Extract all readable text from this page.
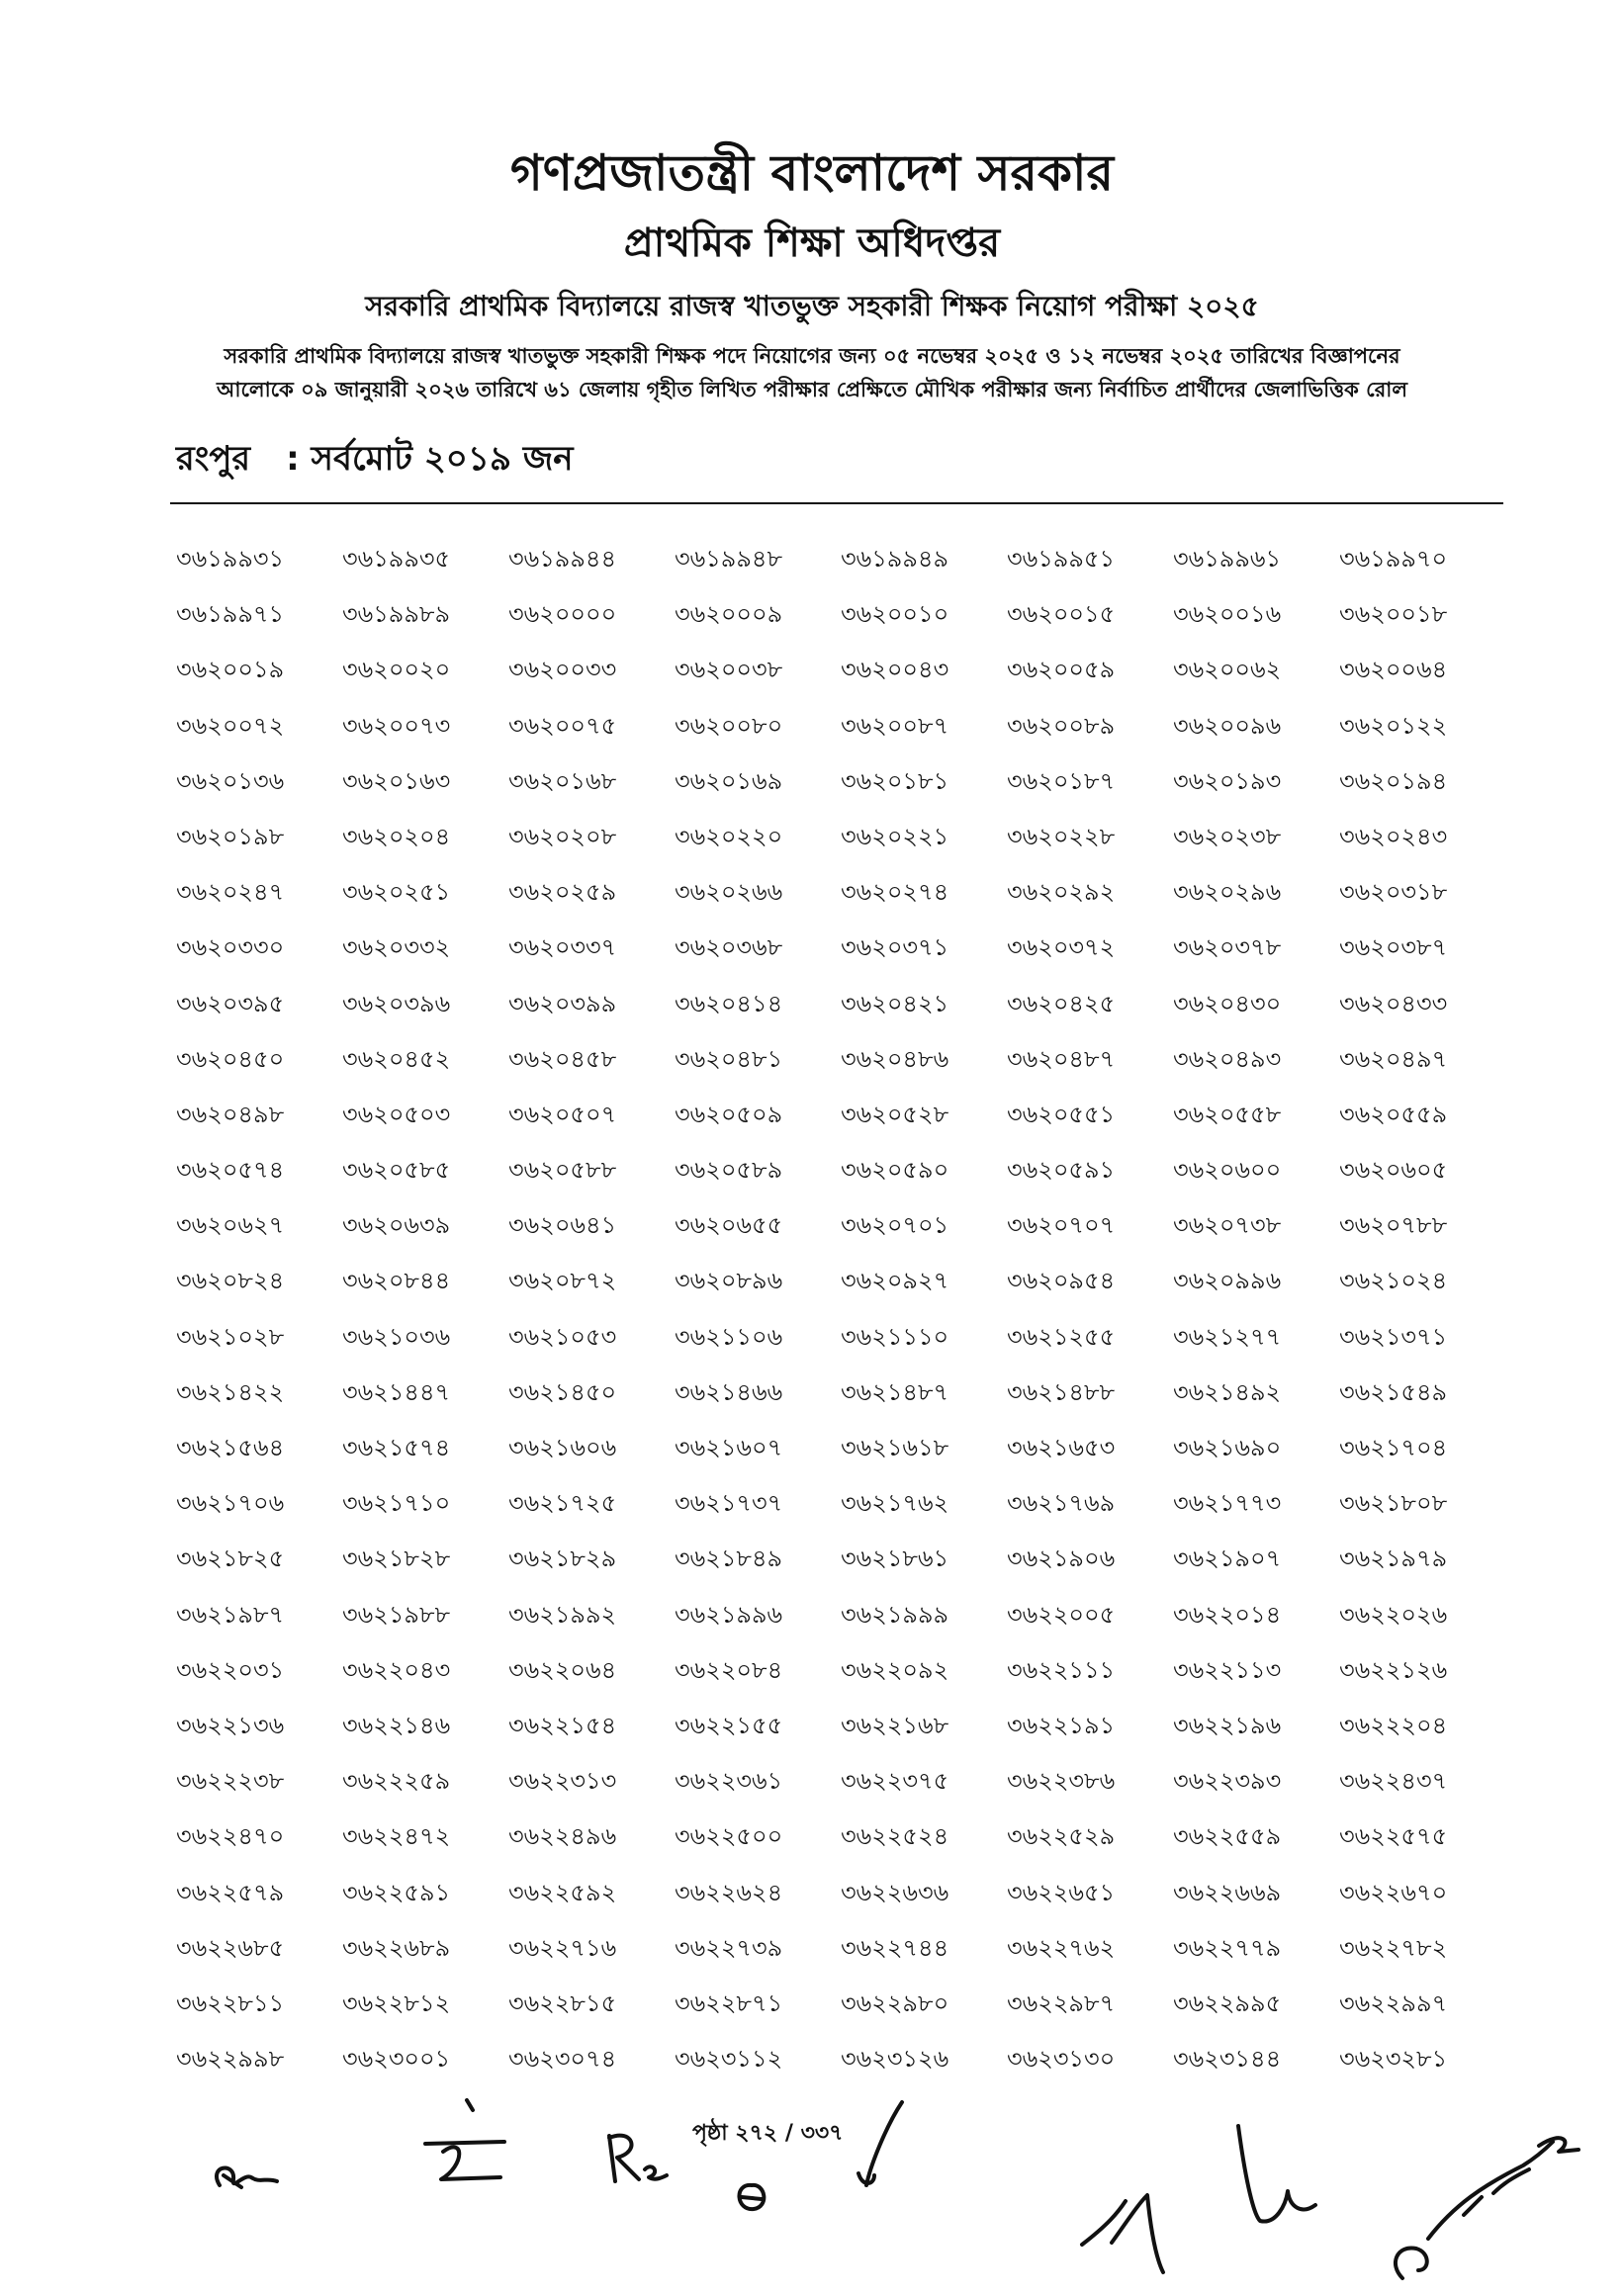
গণপ্রজাতন্ত্রী বাংলাদেশ সরকার
প্রাথমিক শিক্ষা অধিদপ্তর
সরকারি প্রাথমিক বিদ্যালয়ে রাজস্ব খাতভুক্ত সহকারী শিক্ষক নিয়োগ পরীক্ষা ২০২৫
সরকারি প্রাথমিক বিদ্যালয়ে রাজস্ব খাতভুক্ত সহকারী শিক্ষক পদে নিয়োগের জন্য ০৫ নভেম্বর ২০২৫ ও ১২ নভেম্বর ২০২৫ তারিখের বিজ্ঞাপনের
আলোকে ০৯ জানুয়ারী ২০২৬ তারিখে ৬১ জেলায় গৃহীত লিখিত পরীক্ষার প্রেক্ষিতে মৌখিক পরীক্ষার জন্য নির্বাচিত প্রার্থীদের জেলাভিত্তিক রোল
রংপুর : সর্বমোট ২০১৯ জন
৩৬১৯৯৩১	৩৬১৯৯৩৫	৩৬১৯৯৪৪	৩৬১৯৯৪৮	৩৬১৯৯৪৯	৩৬১৯৯৫১	৩৬১৯৯৬১	৩৬১৯৯৭০
৩৬১৯৯৭১	৩৬১৯৯৮৯	৩৬২০০০০	৩৬২০০০৯	৩৬২০০১০	৩৬২০০১৫	৩৬২০০১৬	৩৬২০০১৮
৩৬২০০১৯	৩৬২০০২০	৩৬২০০৩৩	৩৬২০০৩৮	৩৬২০০৪৩	৩৬২০০৫৯	৩৬২০০৬২	৩৬২০০৬৪
৩৬২০০৭২	৩৬২০০৭৩	৩৬২০০৭৫	৩৬২০০৮০	৩৬২০০৮৭	৩৬২০০৮৯	৩৬২০০৯৬	৩৬২০১২২
৩৬২০১৩৬	৩৬২০১৬৩	৩৬২০১৬৮	৩৬২০১৬৯	৩৬২০১৮১	৩৬২০১৮৭	৩৬২০১৯৩	৩৬২০১৯৪
৩৬২০১৯৮	৩৬২০২০৪	৩৬২০২০৮	৩৬২০২২০	৩৬২০২২১	৩৬২০২২৮	৩৬২০২৩৮	৩৬২০২৪৩
৩৬২০২৪৭	৩৬২০২৫১	৩৬২০২৫৯	৩৬২০২৬৬	৩৬২০২৭৪	৩৬২০২৯২	৩৬২০২৯৬	৩৬২০৩১৮
৩৬২০৩৩০	৩৬২০৩৩২	৩৬২০৩৩৭	৩৬২০৩৬৮	৩৬২০৩৭১	৩৬২০৩৭২	৩৬২০৩৭৮	৩৬২০৩৮৭
৩৬২০৩৯৫	৩৬২০৩৯৬	৩৬২০৩৯৯	৩৬২০৪১৪	৩৬২০৪২১	৩৬২০৪২৫	৩৬২০৪৩০	৩৬২০৪৩৩
৩৬২০৪৫০	৩৬২০৪৫২	৩৬২০৪৫৮	৩৬২০৪৮১	৩৬২০৪৮৬	৩৬২০৪৮৭	৩৬২০৪৯৩	৩৬২০৪৯৭
৩৬২০৪৯৮	৩৬২০৫০৩	৩৬২০৫০৭	৩৬২০৫০৯	৩৬২০৫২৮	৩৬২০৫৫১	৩৬২০৫৫৮	৩৬২০৫৫৯
৩৬২০৫৭৪	৩৬২০৫৮৫	৩৬২০৫৮৮	৩৬২০৫৮৯	৩৬২০৫৯০	৩৬২০৫৯১	৩৬২০৬০০	৩৬২০৬০৫
৩৬২০৬২৭	৩৬২০৬৩৯	৩৬২০৬৪১	৩৬২০৬৫৫	৩৬২০৭০১	৩৬২০৭০৭	৩৬২০৭৩৮	৩৬২০৭৮৮
৩৬২০৮২৪	৩৬২০৮৪৪	৩৬২০৮৭২	৩৬২০৮৯৬	৩৬২০৯২৭	৩৬২০৯৫৪	৩৬২০৯৯৬	৩৬২১০২৪
৩৬২১০২৮	৩৬২১০৩৬	৩৬২১০৫৩	৩৬২১১০৬	৩৬২১১১০	৩৬২১২৫৫	৩৬২১২৭৭	৩৬২১৩৭১
৩৬২১৪২২	৩৬২১৪৪৭	৩৬২১৪৫০	৩৬২১৪৬৬	৩৬২১৪৮৭	৩৬২১৪৮৮	৩৬২১৪৯২	৩৬২১৫৪৯
৩৬২১৫৬৪	৩৬২১৫৭৪	৩৬২১৬০৬	৩৬২১৬০৭	৩৬২১৬১৮	৩৬২১৬৫৩	৩৬২১৬৯০	৩৬২১৭০৪
৩৬২১৭০৬	৩৬২১৭১০	৩৬২১৭২৫	৩৬২১৭৩৭	৩৬২১৭৬২	৩৬২১৭৬৯	৩৬২১৭৭৩	৩৬২১৮০৮
৩৬২১৮২৫	৩৬২১৮২৮	৩৬২১৮২৯	৩৬২১৮৪৯	৩৬২১৮৬১	৩৬২১৯০৬	৩৬২১৯০৭	৩৬২১৯৭৯
৩৬২১৯৮৭	৩৬২১৯৮৮	৩৬২১৯৯২	৩৬২১৯৯৬	৩৬২১৯৯৯	৩৬২২০০৫	৩৬২২০১৪	৩৬২২০২৬
৩৬২২০৩১	৩৬২২০৪৩	৩৬২২০৬৪	৩৬২২০৮৪	৩৬২২০৯২	৩৬২২১১১	৩৬২২১১৩	৩৬২২১২৬
৩৬২২১৩৬	৩৬২২১৪৬	৩৬২২১৫৪	৩৬২২১৫৫	৩৬২২১৬৮	৩৬২২১৯১	৩৬২২১৯৬	৩৬২২২০৪
৩৬২২২৩৮	৩৬২২২৫৯	৩৬২২৩১৩	৩৬২২৩৬১	৩৬২২৩৭৫	৩৬২২৩৮৬	৩৬২২৩৯৩	৩৬২২৪৩৭
৩৬২২৪৭০	৩৬২২৪৭২	৩৬২২৪৯৬	৩৬২২৫০০	৩৬২২৫২৪	৩৬২২৫২৯	৩৬২২৫৫৯	৩৬২২৫৭৫
৩৬২২৫৭৯	৩৬২২৫৯১	৩৬২২৫৯২	৩৬২২৬২৪	৩৬২২৬৩৬	৩৬২২৬৫১	৩৬২২৬৬৯	৩৬২২৬৭০
৩৬২২৬৮৫	৩৬২২৬৮৯	৩৬২২৭১৬	৩৬২২৭৩৯	৩৬২২৭৪৪	৩৬২২৭৬২	৩৬২২৭৭৯	৩৬২২৭৮২
৩৬২২৮১১	৩৬২২৮১২	৩৬২২৮১৫	৩৬২২৮৭১	৩৬২২৯৮০	৩৬২২৯৮৭	৩৬২২৯৯৫	৩৬২২৯৯৭
৩৬২২৯৯৮	৩৬২৩০০১	৩৬২৩০৭৪	৩৬২৩১১২	৩৬২৩১২৬	৩৬২৩১৩০	৩৬২৩১৪৪	৩৬২৩২৮১
পৃষ্ঠা ২৭২ / ৩৩৭
